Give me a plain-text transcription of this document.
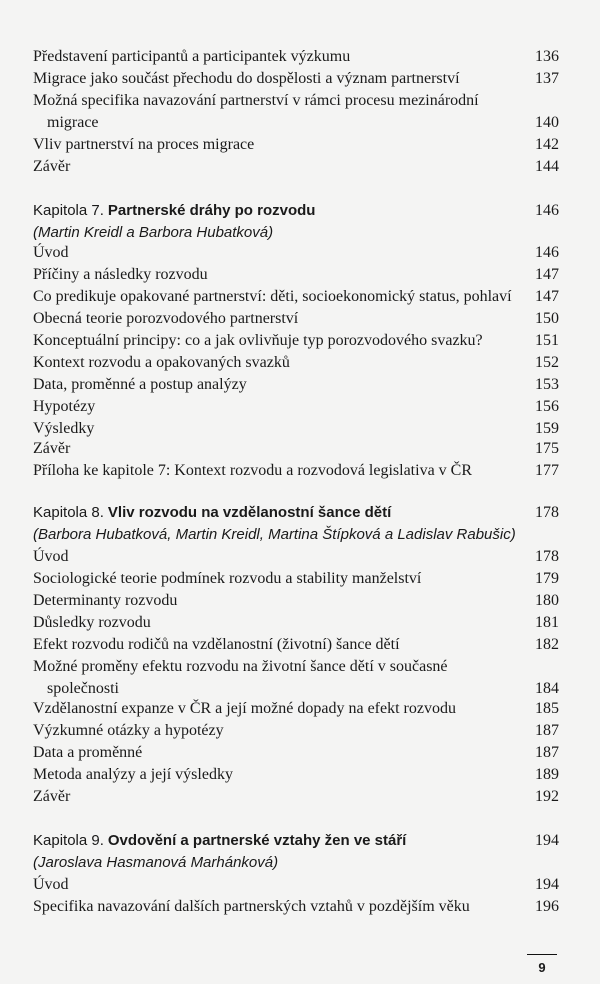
Představení participantů a participantek výzkumu	136
Migrace jako součást přechodu do dospělosti a význam partnerství	137
Možná specifika navazování partnerství v rámci procesu mezinárodní
migrace	140
Vliv partnerství na proces migrace	142
Závěr	144
Kapitola 7. Partnerské dráhy po rozvodu	146
(Martin Kreidl a Barbora Hubatková)
Úvod	146
Příčiny a následky rozvodu	147
Co predikuje opakované partnerství: děti, socioekonomický status, pohlaví	147
Obecná teorie porozvodového partnerství	150
Konceptuální principy: co a jak ovlivňuje typ porozvodového svazku?	151
Kontext rozvodu a opakovaných svazků	152
Data, proměnné a postup analýzy	153
Hypotézy	156
Výsledky	159
Závěr	175
Příloha ke kapitole 7: Kontext rozvodu a rozvodová legislativa v ČR	177
Kapitola 8. Vliv rozvodu na vzdělanostní šance dětí	178
(Barbora Hubatková, Martin Kreidl, Martina Štípková a Ladislav Rabušic)
Úvod	178
Sociologické teorie podmínek rozvodu a stability manželství	179
Determinanty rozvodu	180
Důsledky rozvodu	181
Efekt rozvodu rodičů na vzdělanostní (životní) šance dětí	182
Možné proměny efektu rozvodu na životní šance dětí v současné
společnosti	184
Vzdělanostní expanze v ČR a její možné dopady na efekt rozvodu	185
Výzkumné otázky a hypotézy	187
Data a proměnné	187
Metoda analýzy a její výsledky	189
Závěr	192
Kapitola 9. Ovdovění a partnerské vztahy žen ve stáří	194
(Jaroslava Hasmanová Marhánková)
Úvod	194
Specifika navazování dalších partnerských vztahů v pozdějším věku	196
9
